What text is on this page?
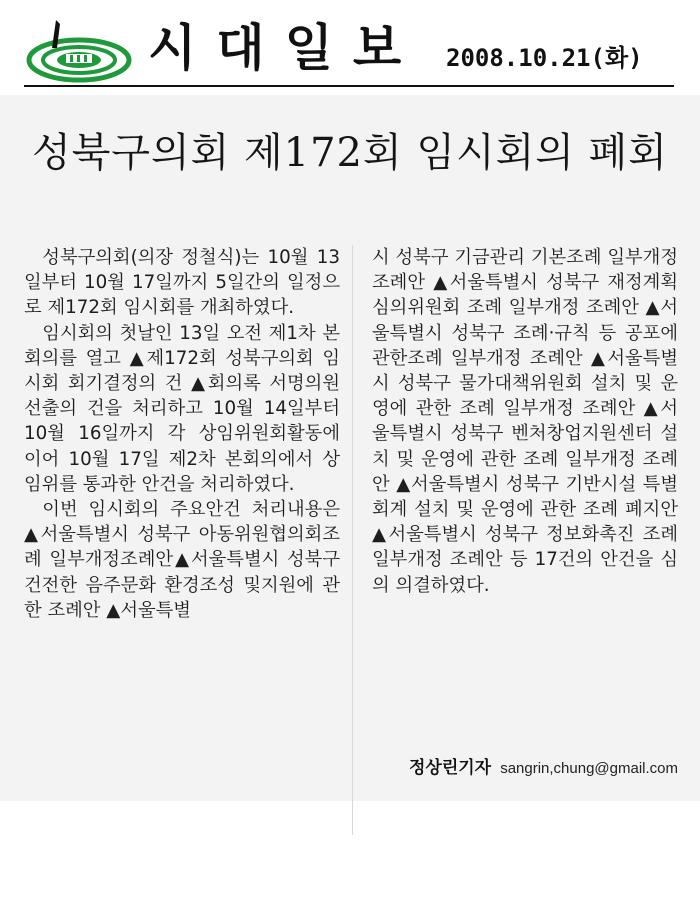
시대일보 2008.10.21(화)
성북구의회 제172회 임시회의 폐회

성북구의회(의장 정철식)는 10월 13일부터 10월 17일까지 5일간의 일정으로 제172회 임시회를 개최하였다.

임시회의 첫날인 13일 오전 제1차 본회의를 열고 ▲제172회 성북구의회 임시회 회기결정의 건 ▲회의록 서명의원 선출의 건을 처리하고 10월 14일부터 10월 16일까지 각 상임위원회활동에 이어 10월 17일 제2차 본회의에서 상임위를 통과한 안건을 처리하였다.

이번 임시회의 주요안건 처리내용은 ▲서울특별시 성북구 아동위원협의회조례 일부개정조례안▲서울특별시 성북구 건전한 음주문화 환경조성 및지원에 관한 조례안 ▲서울특별

시 성북구 기금관리 기본조례 일부개정 조례안 ▲서울특별시 성북구 재정계획 심의위원회 조례 일부개정 조례안 ▲서울특별시 성북구 조례·규칙 등 공포에 관한조례 일부개정 조례안 ▲서울특별시 성북구 물가대책위원회 설치 및 운영에 관한 조례 일부개정 조례안 ▲서울특별시 성북구 벤처창업지원센터 설치 및 운영에 관한 조례 일부개정 조례안 ▲서울특별시 성북구 기반시설 특별회계 설치 및 운영에 관한 조례 폐지안 ▲서울특별시 성북구 정보화촉진 조례 일부개정 조례안 등 17건의 안건을 심의 의결하였다.

정상린기자 sangrin,chung@gmail.com
